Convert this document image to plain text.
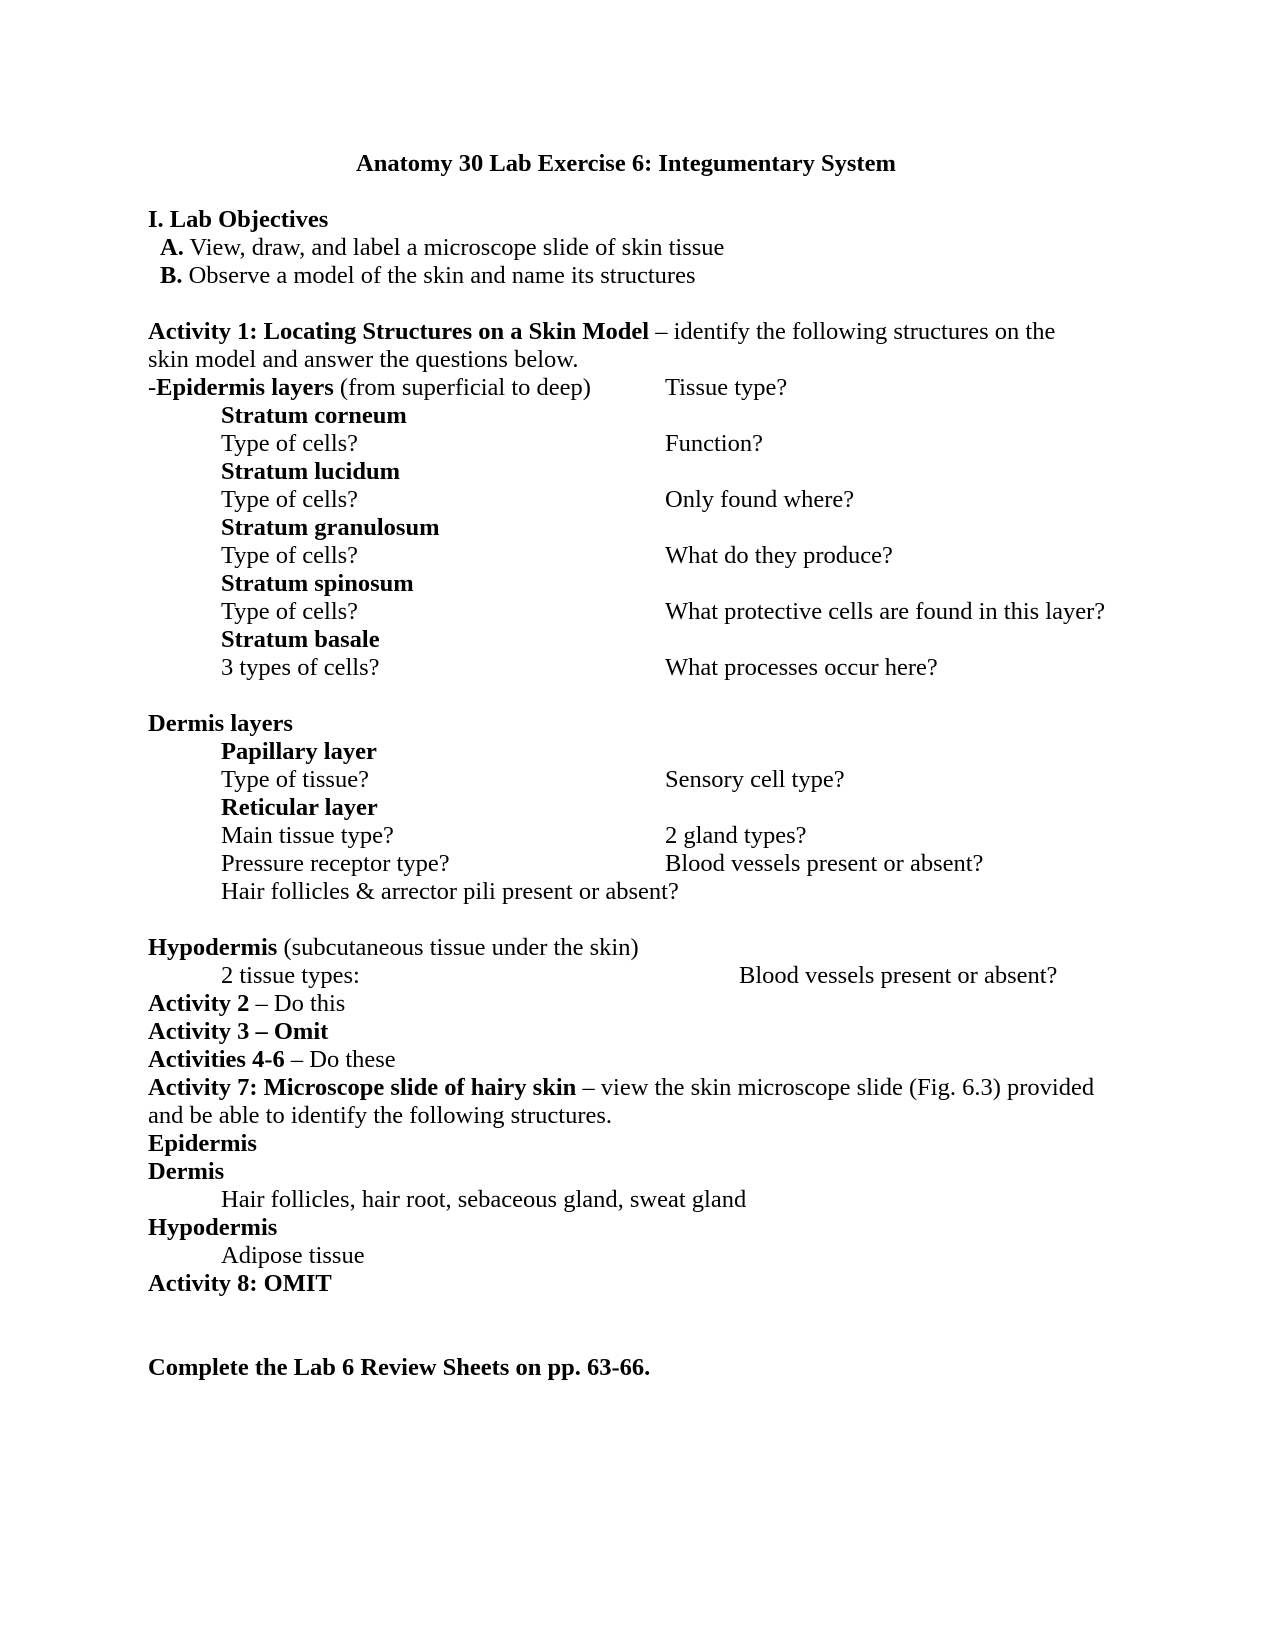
Anatomy 30 Lab Exercise 6: Integumentary System
I. Lab Objectives
A. View, draw, and label a microscope slide of skin tissue
B. Observe a model of the skin and name its structures
Activity 1: Locating Structures on a Skin Model – identify the following structures on the
skin model and answer the questions below.
-Epidermis layers (from superficial to deep)	Tissue type?
Stratum corneum
Type of cells?	Function?
Stratum lucidum
Type of cells?	Only found where?
Stratum granulosum
Type of cells?	What do they produce?
Stratum spinosum
Type of cells?	What protective cells are found in this layer?
Stratum basale
3 types of cells?	What processes occur here?
Dermis layers
Papillary layer
Type of tissue?	Sensory cell type?
Reticular layer
Main tissue type?	2 gland types?
Pressure receptor type?	Blood vessels present or absent?
Hair follicles & arrector pili present or absent?
Hypodermis (subcutaneous tissue under the skin)
2 tissue types:	Blood vessels present or absent?
Activity 2 – Do this
Activity 3 – Omit
Activities 4-6 – Do these
Activity 7: Microscope slide of hairy skin – view the skin microscope slide (Fig. 6.3) provided
and be able to identify the following structures.
Epidermis
Dermis
Hair follicles, hair root, sebaceous gland, sweat gland
Hypodermis
Adipose tissue
Activity 8: OMIT
Complete the Lab 6 Review Sheets on pp. 63-66.
